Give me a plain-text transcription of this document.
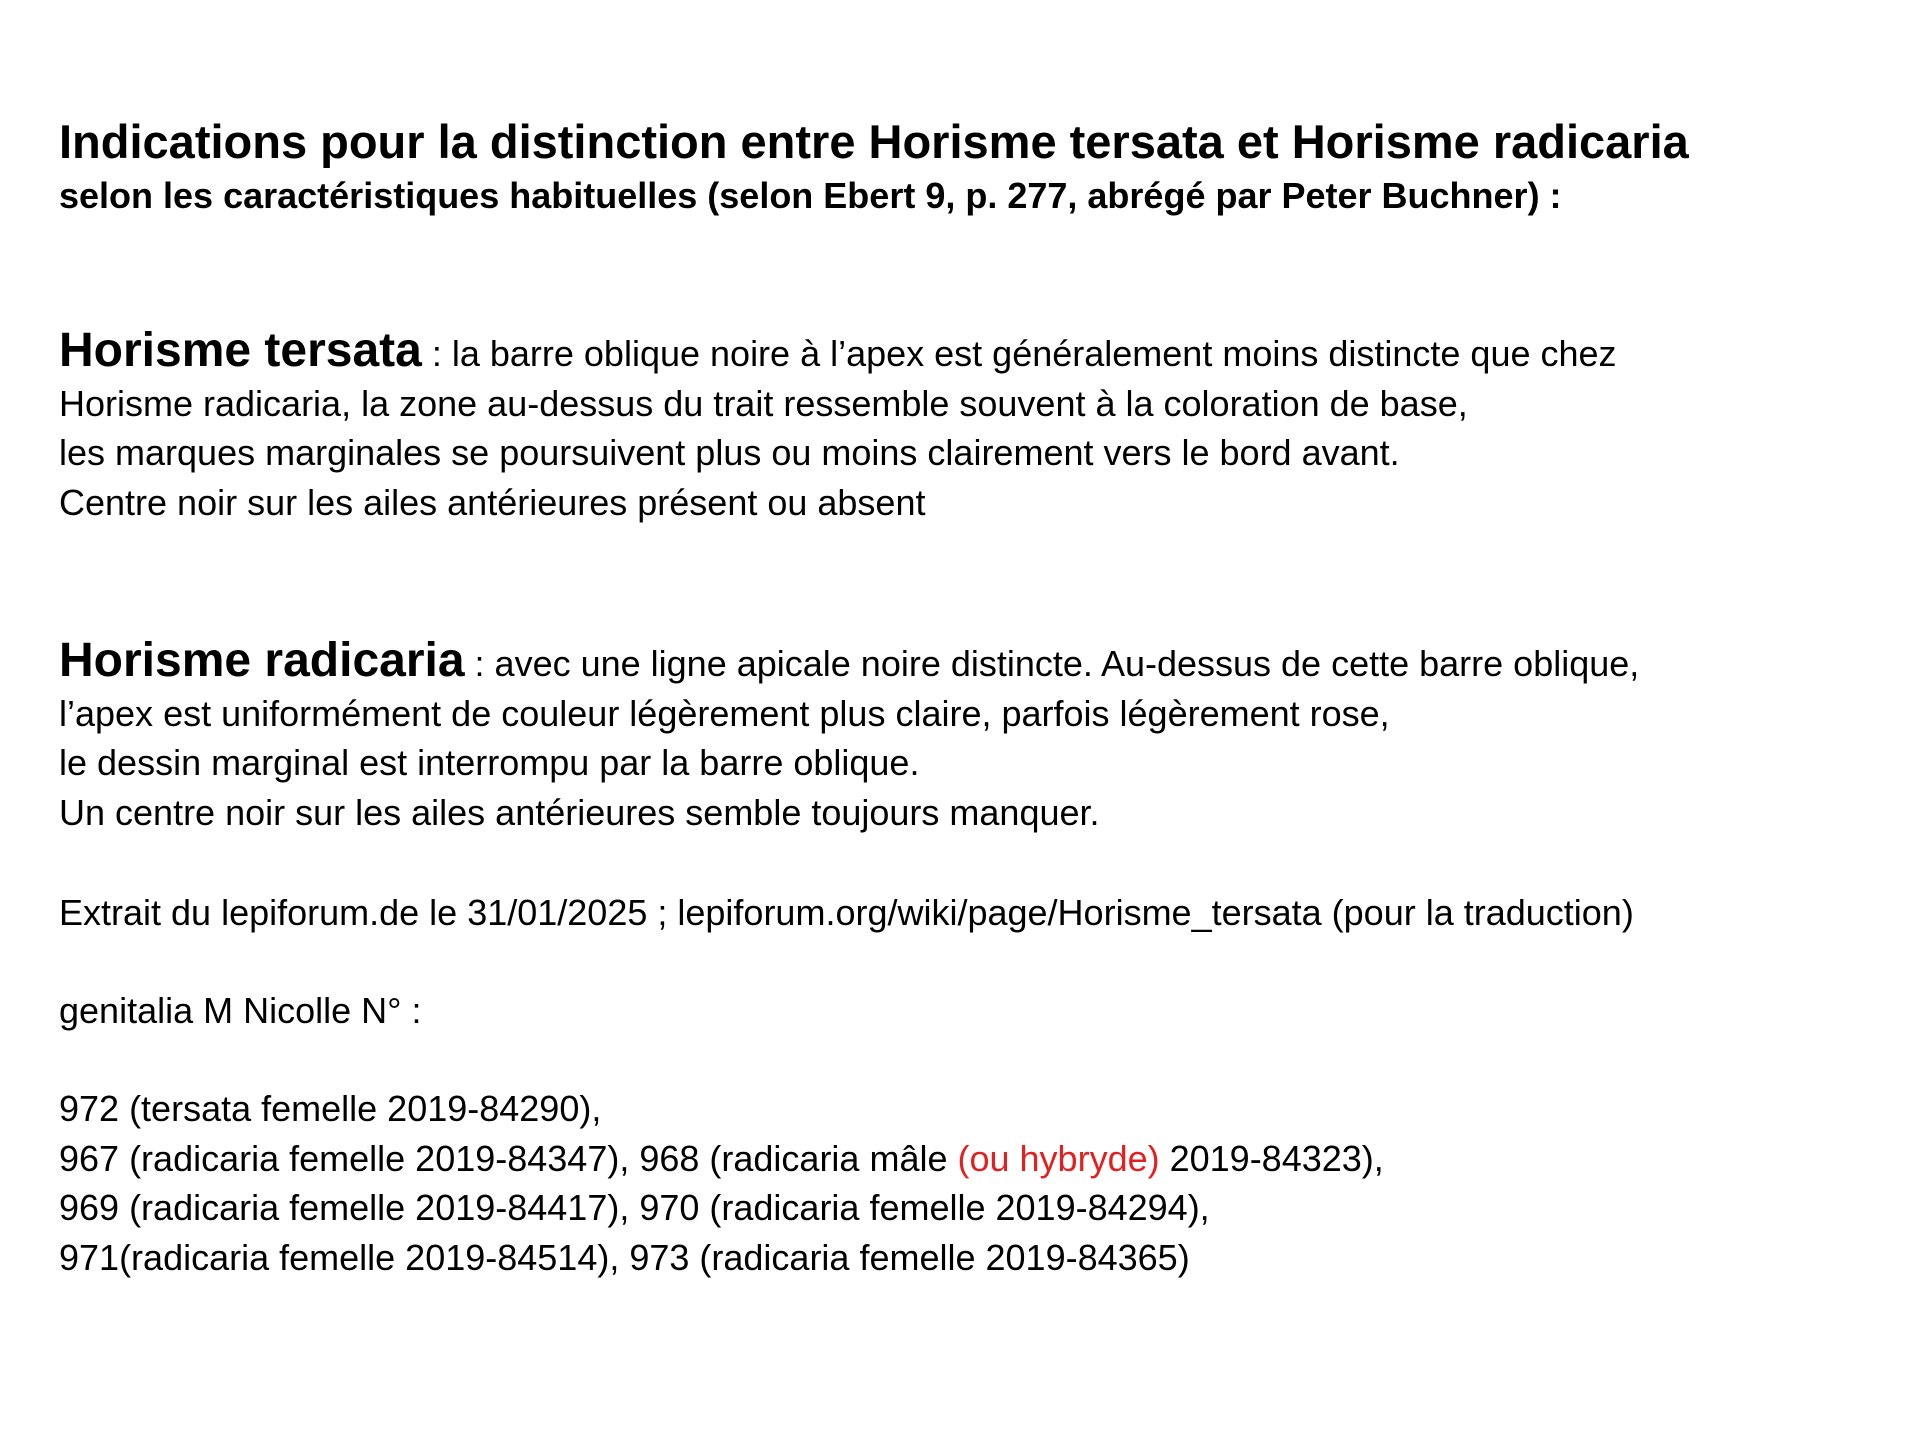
Indications pour la distinction entre Horisme tersata et Horisme radicaria
selon les caractéristiques habituelles (selon Ebert 9, p. 277, abrégé par Peter Buchner) :

Horisme tersata : la barre oblique noire à l’apex est généralement moins distincte que chez
Horisme radicaria, la zone au-dessus du trait ressemble souvent à la coloration de base,
les marques marginales se poursuivent plus ou moins clairement vers le bord avant.
Centre noir sur les ailes antérieures présent ou absent

Horisme radicaria : avec une ligne apicale noire distincte. Au-dessus de cette barre oblique,
l’apex est uniformément de couleur légèrement plus claire, parfois légèrement rose,
le dessin marginal est interrompu par la barre oblique.
Un centre noir sur les ailes antérieures semble toujours manquer.

Extrait du lepiforum.de le 31/01/2025 ; lepiforum.org/wiki/page/Horisme_tersata (pour la traduction)

genitalia M Nicolle N° :

972 (tersata femelle 2019-84290),
967 (radicaria femelle 2019-84347), 968 (radicaria mâle (ou hybryde) 2019-84323),
969 (radicaria femelle 2019-84417), 970 (radicaria femelle 2019-84294),
971(radicaria femelle 2019-84514), 973 (radicaria femelle 2019-84365)
